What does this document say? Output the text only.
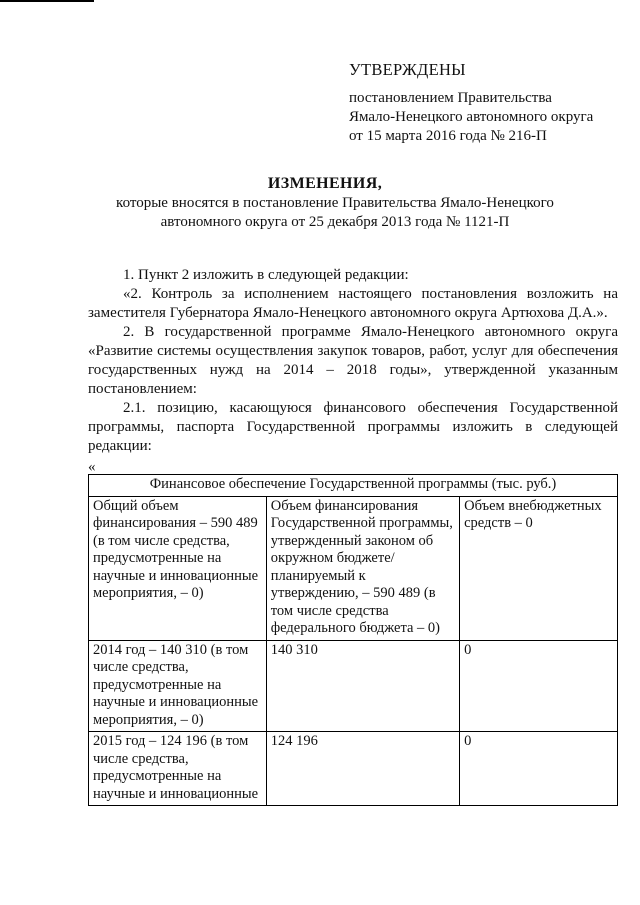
УТВЕРЖДЕНЫ
постановлением Правительства
Ямало-Ненецкого автономного округа
от 15 марта 2016 года № 216-П
ИЗМЕНЕНИЯ,
которые вносятся в постановление Правительства Ямало-Ненецкого
автономного округа от 25 декабря 2013 года № 1121-П

1. Пункт 2 изложить в следующей редакции:

«2. Контроль за исполнением настоящего постановления возложить на заместителя Губернатора Ямало-Ненецкого автономного округа Артюхова Д.А.».

2. В государственной программе Ямало-Ненецкого автономного округа «Развитие системы осуществления закупок товаров, работ, услуг для обеспечения государственных нужд на 2014 – 2018 годы», утвержденной указанным постановлением:

2.1. позицию, касающуюся финансового обеспечения Государственной программы, паспорта Государственной программы изложить в следующей редакции:

«
Финансовое обеспечение Государственной программы (тыс. руб.)		
Общий объем финансирования – 590 489 (в том числе средства, предусмотренные на научные и инновационные мероприятия, – 0)	Объем финансирования Государственной программы, утвержденный законом об окружном бюджете/ планируемый к утверждению, – 590 489 (в том числе средства федерального бюджета – 0)	Объем внебюджетных средств – 0
2014 год – 140 310 (в том числе средства, предусмотренные на научные и инновационные мероприятия, – 0)	140 310	0
2015 год – 124 196 (в том числе средства, предусмотренные на научные и инновационные	124 196	0
